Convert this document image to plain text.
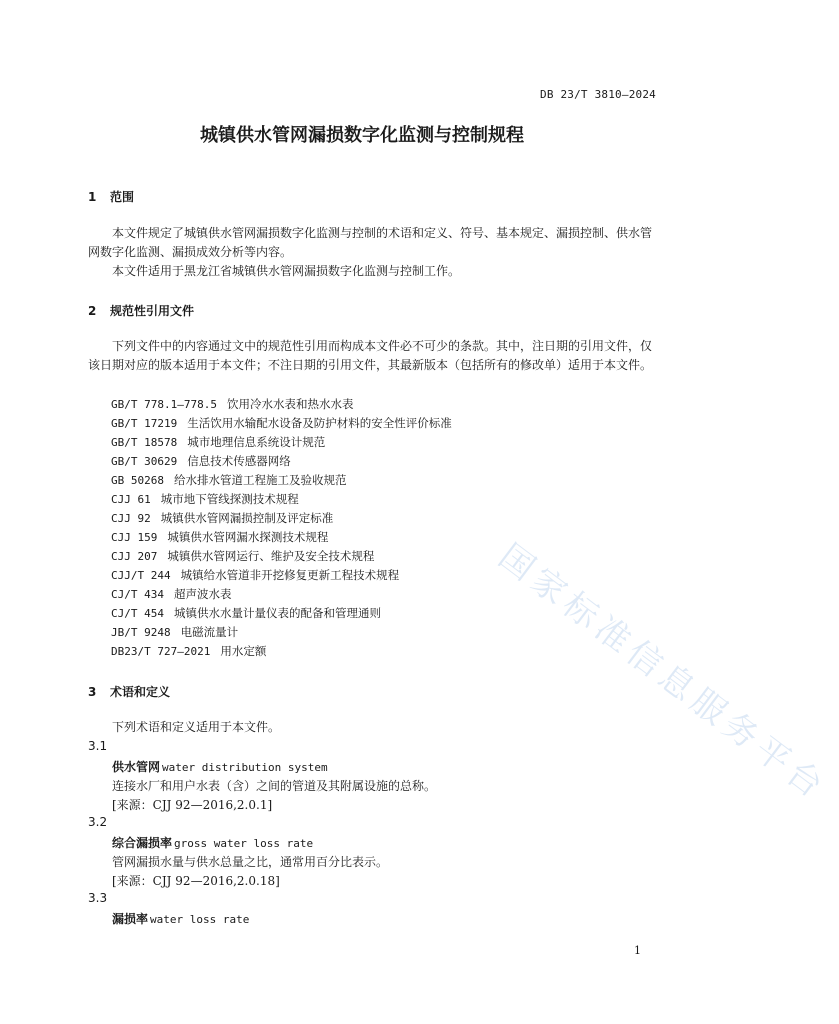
DB 23/T 3810—2024
城镇供水管网漏损数字化监测与控制规程
1 范围
本文件规定了城镇供水管网漏损数字化监测与控制的术语和定义、符号、基本规定、漏损控制、供水管网数字化监测、漏损成效分析等内容。
本文件适用于黑龙江省城镇供水管网漏损数字化监测与控制工作。
2 规范性引用文件
下列文件中的内容通过文中的规范性引用而构成本文件必不可少的条款。其中，注日期的引用文件，仅该日期对应的版本适用于本文件；不注日期的引用文件，其最新版本（包括所有的修改单）适用于本文件。
GB/T 778.1—778.5 饮用冷水水表和热水水表
GB/T 17219 生活饮用水输配水设备及防护材料的安全性评价标准
GB/T 18578 城市地理信息系统设计规范
GB/T 30629 信息技术传感器网络
GB 50268 给水排水管道工程施工及验收规范
CJJ 61 城市地下管线探测技术规程
CJJ 92 城镇供水管网漏损控制及评定标准
CJJ 159 城镇供水管网漏水探测技术规程
CJJ 207 城镇供水管网运行、维护及安全技术规程
CJJ/T 244 城镇给水管道非开挖修复更新工程技术规程
CJ/T 434 超声波水表
CJ/T 454 城镇供水水量计量仪表的配备和管理通则
JB/T 9248 电磁流量计
DB23/T 727—2021 用水定额
3 术语和定义
下列术语和定义适用于本文件。
3.1
供水管网 water distribution system
连接水厂和用户水表（含）之间的管道及其附属设施的总称。
[来源：CJJ 92—2016,2.0.1]
3.2
综合漏损率 gross water loss rate
管网漏损水量与供水总量之比，通常用百分比表示。
[来源：CJJ 92—2016,2.0.18]
3.3
漏损率 water loss rate
国家标准信息服务平台
1
